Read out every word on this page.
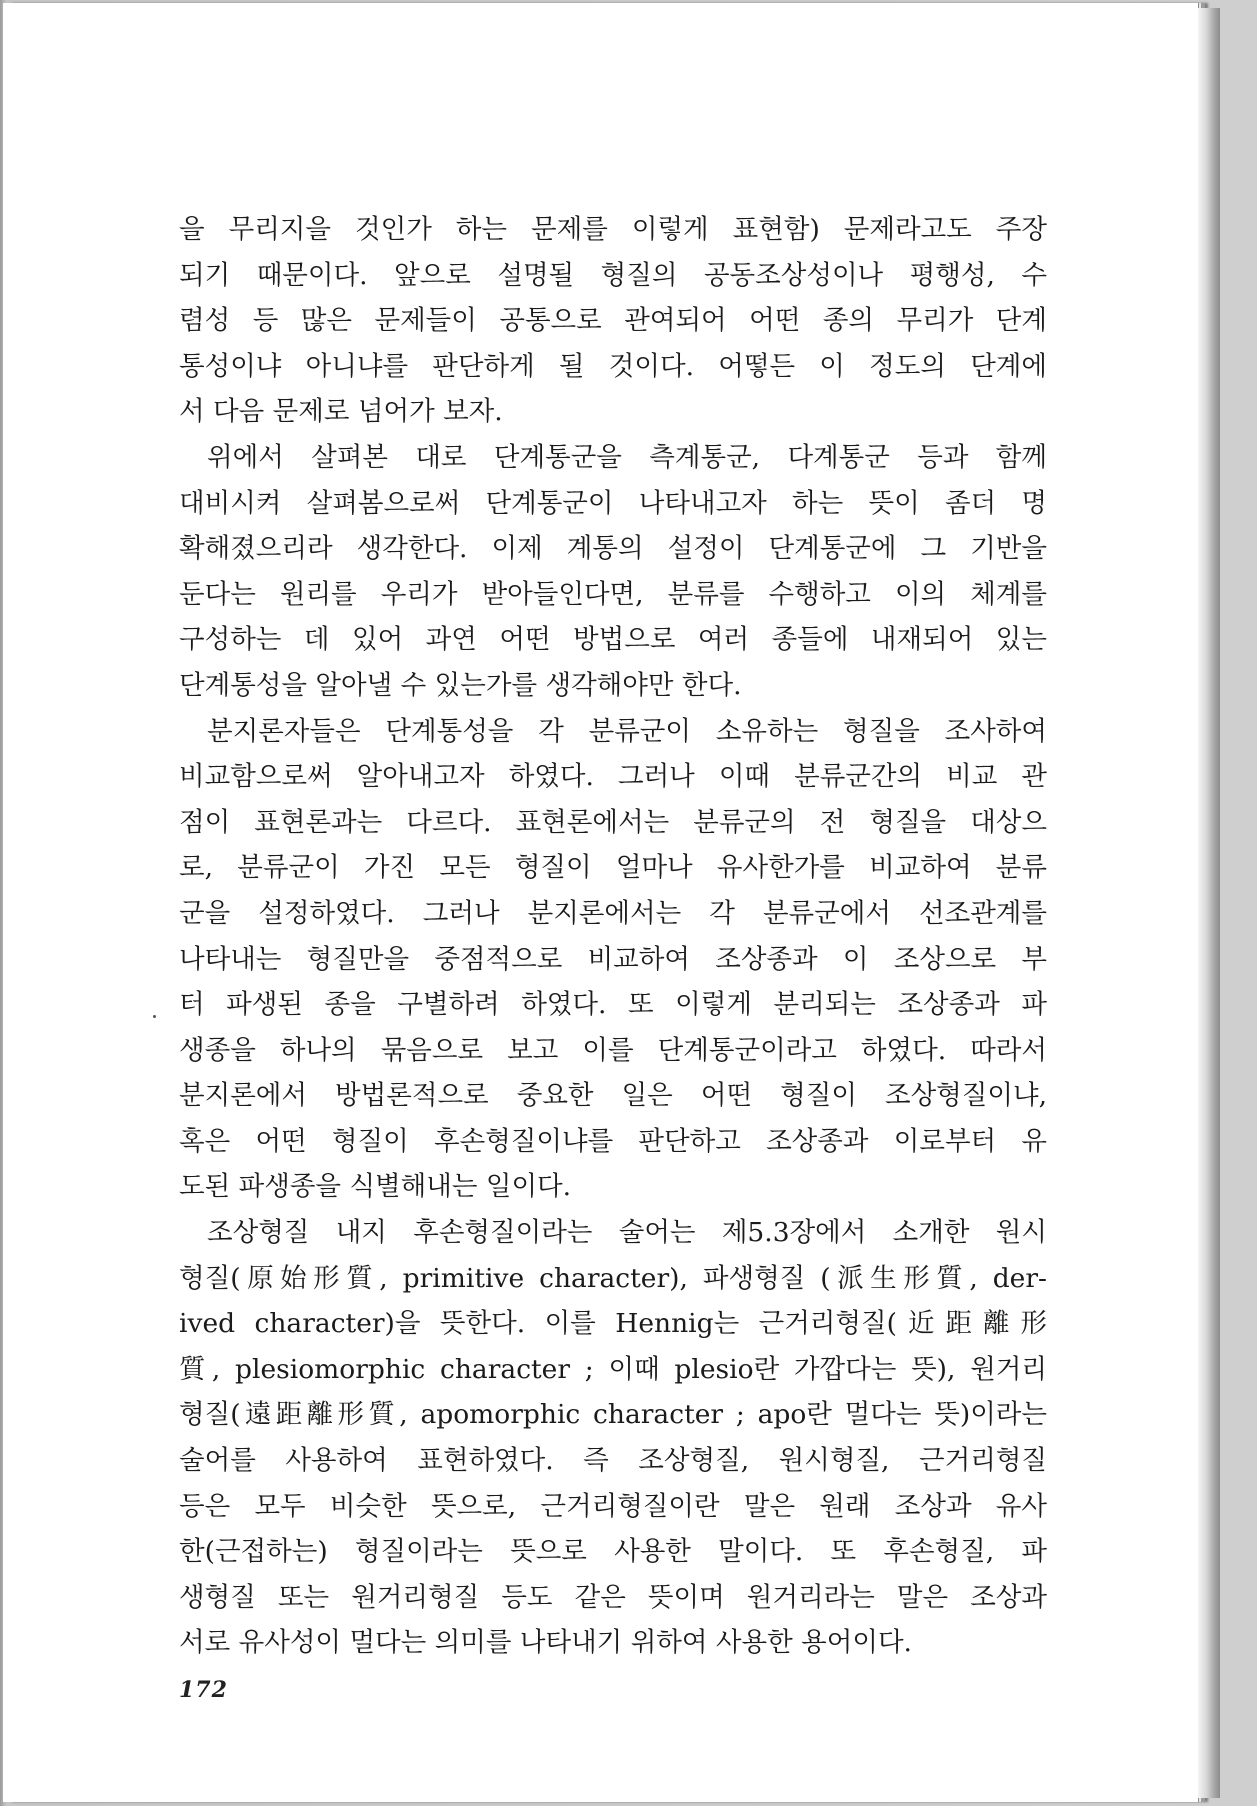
을 무리지을 것인가 하는 문제를 이렇게 표현함) 문제라고도 주장
되기 때문이다. 앞으로 설명될 형질의 공동조상성이나 평행성, 수
렴성 등 많은 문제들이 공통으로 관여되어 어떤 종의 무리가 단계
통성이냐 아니냐를 판단하게 될 것이다. 어떻든 이 정도의 단계에
서 다음 문제로 넘어가 보자.
위에서 살펴본 대로 단계통군을 측계통군, 다계통군 등과 함께
대비시켜 살펴봄으로써 단계통군이 나타내고자 하는 뜻이 좀더 명
확해졌으리라 생각한다. 이제 계통의 설정이 단계통군에 그 기반을
둔다는 원리를 우리가 받아들인다면, 분류를 수행하고 이의 체계를
구성하는 데 있어 과연 어떤 방법으로 여러 종들에 내재되어 있는
단계통성을 알아낼 수 있는가를 생각해야만 한다.
분지론자들은 단계통성을 각 분류군이 소유하는 형질을 조사하여
비교함으로써 알아내고자 하였다. 그러나 이때 분류군간의 비교 관
점이 표현론과는 다르다. 표현론에서는 분류군의 전 형질을 대상으
로, 분류군이 가진 모든 형질이 얼마나 유사한가를 비교하여 분류
군을 설정하였다. 그러나 분지론에서는 각 분류군에서 선조관계를
나타내는 형질만을 중점적으로 비교하여 조상종과 이 조상으로 부
터 파생된 종을 구별하려 하였다. 또 이렇게 분리되는 조상종과 파
생종을 하나의 묶음으로 보고 이를 단계통군이라고 하였다. 따라서
분지론에서 방법론적으로 중요한 일은 어떤 형질이 조상형질이냐,
혹은 어떤 형질이 후손형질이냐를 판단하고 조상종과 이로부터 유
도된 파생종을 식별해내는 일이다.
조상형질 내지 후손형질이라는 술어는 제5.3장에서 소개한 원시
형질(原始形質, primitive character), 파생형질 (派生形質, der-
ived character)을 뜻한다. 이를 Hennig는 근거리형질(近距離形
質, plesiomorphic character ; 이때 plesio란 가깝다는 뜻), 원거리
형질(遠距離形質, apomorphic character ; apo란 멀다는 뜻)이라는
술어를 사용하여 표현하였다. 즉 조상형질, 원시형질, 근거리형질
등은 모두 비슷한 뜻으로, 근거리형질이란 말은 원래 조상과 유사
한(근접하는) 형질이라는 뜻으로 사용한 말이다. 또 후손형질, 파
생형질 또는 원거리형질 등도 같은 뜻이며 원거리라는 말은 조상과
서로 유사성이 멀다는 의미를 나타내기 위하여 사용한 용어이다.
172
